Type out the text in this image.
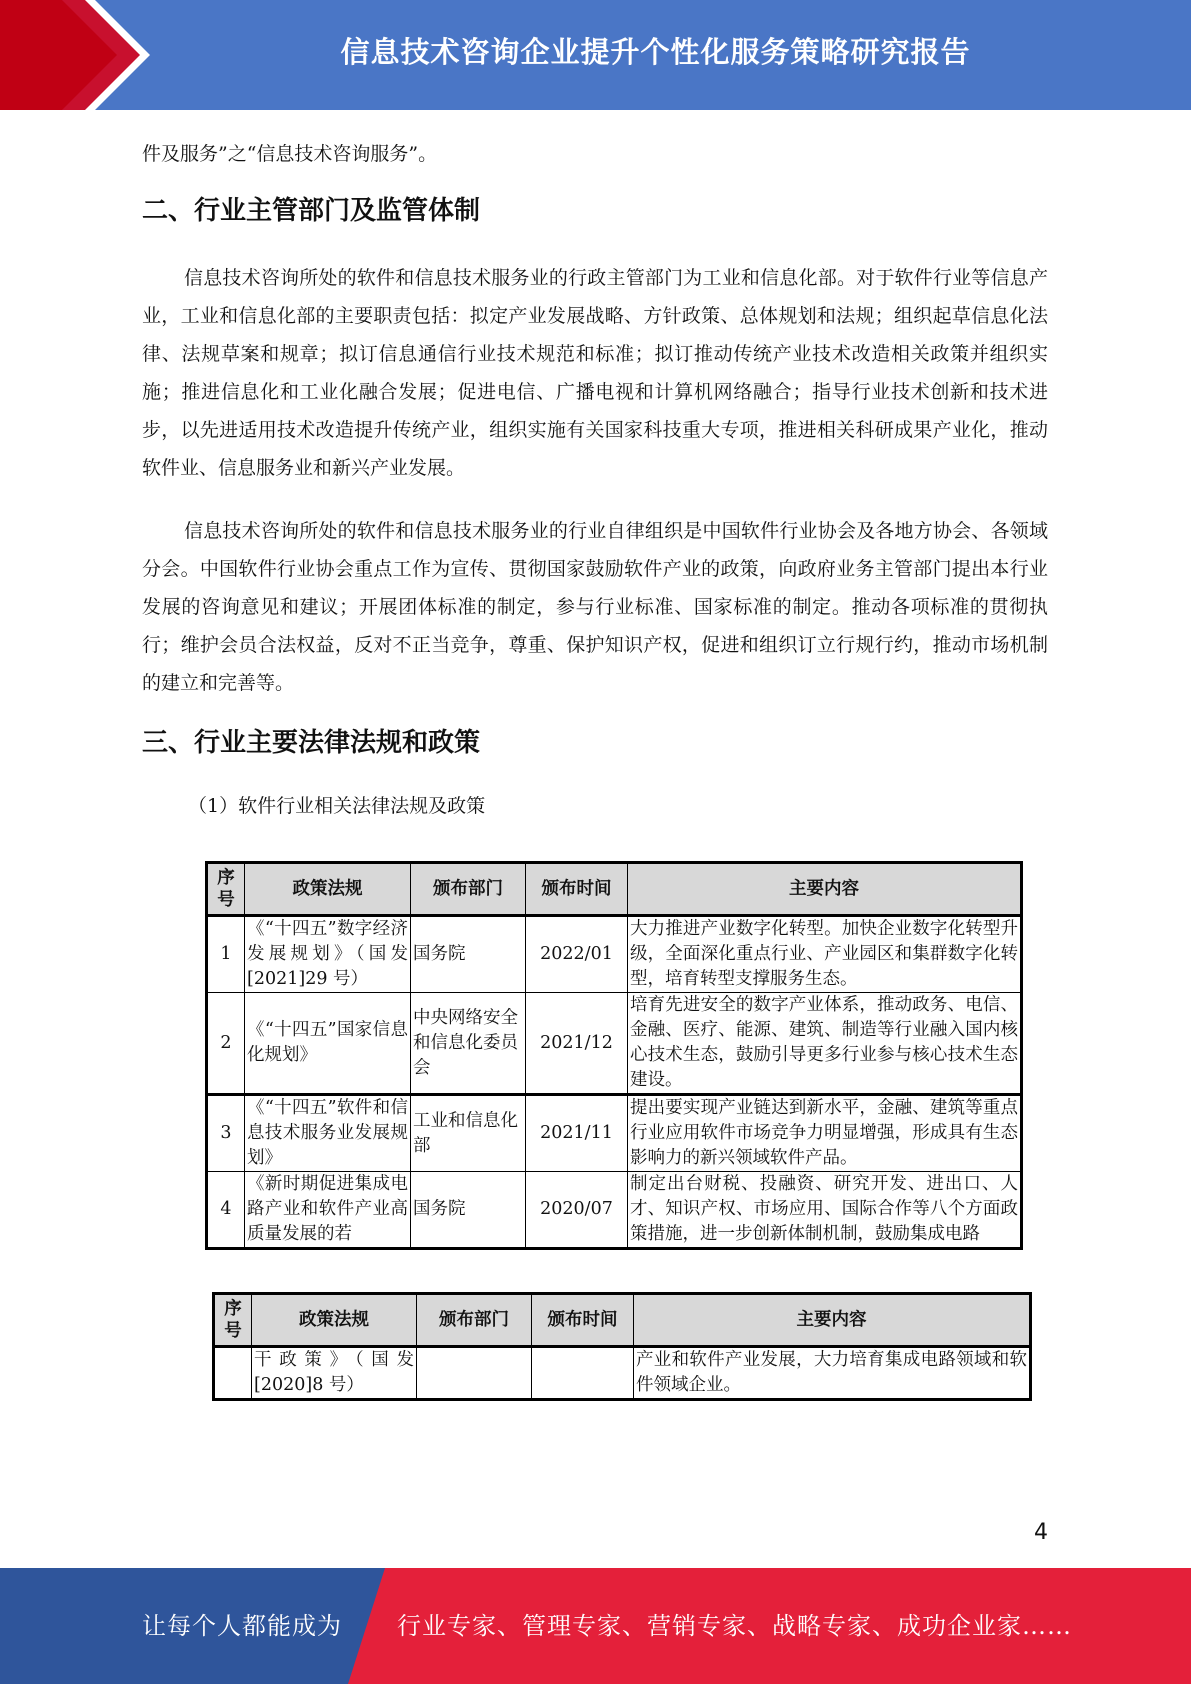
信息技术咨询企业提升个性化服务策略研究报告

件及服务”之“信息技术咨询服务”。

二、行业主管部门及监管体制

信息技术咨询所处的软件和信息技术服务业的行政主管部门为工业和信息化部。对于软件行业等信息产业，工业和信息化部的主要职责包括：拟定产业发展战略、方针政策、总体规划和法规；组织起草信息化法律、法规草案和规章；拟订信息通信行业技术规范和标准；拟订推动传统产业技术改造相关政策并组织实施；推进信息化和工业化融合发展；促进电信、广播电视和计算机网络融合；指导行业技术创新和技术进步，以先进适用技术改造提升传统产业，组织实施有关国家科技重大专项，推进相关科研成果产业化，推动软件业、信息服务业和新兴产业发展。

信息技术咨询所处的软件和信息技术服务业的行业自律组织是中国软件行业协会及各地方协会、各领域分会。中国软件行业协会重点工作为宣传、贯彻国家鼓励软件产业的政策，向政府业务主管部门提出本行业发展的咨询意见和建议；开展团体标准的制定，参与行业标准、国家标准的制定。推动各项标准的贯彻执行；维护会员合法权益，反对不正当竞争，尊重、保护知识产权，促进和组织订立行规行约，推动市场机制的建立和完善等。

三、行业主要法律法规和政策

（1）软件行业相关法律法规及政策

序号	政策法规	颁布部门	颁布时间	主要内容
1	《“十四五”数字经济发展规划》（国发[2021]29 号）	国务院	2022/01	大力推进产业数字化转型。加快企业数字化转型升级，全面深化重点行业、产业园区和集群数字化转型，培育转型支撑服务生态。
2	《“十四五”国家信息化规划》	中央网络安全和信息化委员会	2021/12	培育先进安全的数字产业体系，推动政务、电信、金融、医疗、能源、建筑、制造等行业融入国内核心技术生态，鼓励引导更多行业参与核心技术生态建设。
3	《“十四五”软件和信息技术服务业发展规划》	工业和信息化部	2021/11	提出要实现产业链达到新水平，金融、建筑等重点行业应用软件市场竞争力明显增强，形成具有生态影响力的新兴领域软件产品。
4	《新时期促进集成电路产业和软件产业高质量发展的若	国务院	2020/07	制定出台财税、投融资、研究开发、进出口、人才、知识产权、市场应用、国际合作等八个方面政策措施，进一步创新体制机制，鼓励集成电路
序号	政策法规	颁布部门	颁布时间	主要内容
	干政策》（国发[2020]8 号）			产业和软件产业发展，大力培育集成电路领域和软件领域企业。
4
让每个人都能成为 行业专家、管理专家、营销专家、战略专家、成功企业家……
